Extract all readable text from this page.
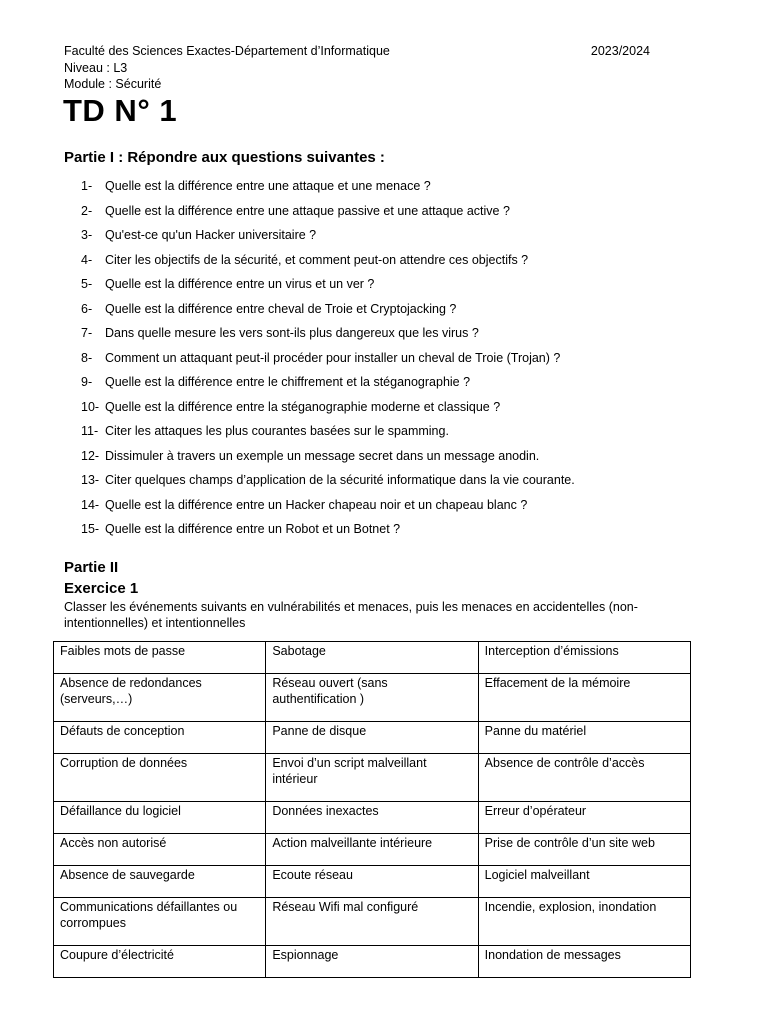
Faculté des Sciences Exactes-Département d’Informatique	2023/2024
Niveau : L3
Module : Sécurité
TD N° 1
Partie I : Répondre aux questions suivantes :
1- Quelle est la différence entre une attaque et une menace ?
2- Quelle est la différence entre une attaque passive et une attaque active ?
3- Qu'est-ce qu'un Hacker universitaire ?
4- Citer les objectifs de la sécurité, et comment peut-on attendre ces objectifs ?
5- Quelle est la différence entre un virus et un ver ?
6- Quelle est la différence entre cheval de Troie et Cryptojacking ?
7- Dans quelle mesure les vers sont-ils plus dangereux que les virus ?
8- Comment un attaquant peut-il procéder pour installer un cheval de Troie (Trojan) ?
9- Quelle est la différence entre le chiffrement et la stéganographie ?
10- Quelle est la différence entre la stéganographie moderne et classique ?
11- Citer les attaques les plus courantes basées sur le spamming.
12- Dissimuler à travers un exemple un message secret dans un message anodin.
13- Citer quelques champs d’application de la sécurité informatique dans la vie courante.
14- Quelle est la différence entre un Hacker chapeau noir et un chapeau blanc ?
15- Quelle est la différence entre un Robot et un Botnet ?
Partie II
Exercice 1
Classer les événements suivants en vulnérabilités et menaces, puis les menaces en accidentelles (non-intentionnelles) et intentionnelles
Faibles mots de passe	Sabotage	Interception d’émissions
Absence de redondances (serveurs,…)	Réseau ouvert (sans authentification )	Effacement de la mémoire
Défauts de conception	Panne de disque	Panne du matériel
Corruption de données	Envoi d’un script malveillant intérieur	Absence de contrôle d’accès
Défaillance du logiciel	Données inexactes	Erreur d’opérateur
Accès non autorisé	Action malveillante intérieure	Prise de contrôle d’un site web
Absence de sauvegarde	Ecoute réseau	Logiciel malveillant
Communications défaillantes ou corrompues	Réseau Wifi mal configuré	Incendie, explosion, inondation
Coupure d’électricité	Espionnage	Inondation de messages
